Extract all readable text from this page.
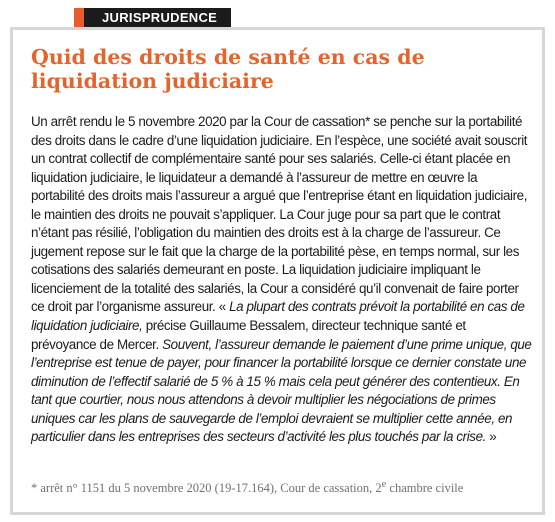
JURISPRUDENCE
Quid des droits de santé en cas de liquidation judiciaire

Un arrêt rendu le 5 novembre 2020 par la Cour de cassation* se penche sur la portabilité des droits dans le cadre d’une liquidation judiciaire. En l’espèce, une société avait souscrit un contrat collectif de complémentaire santé pour ses salariés. Celle-ci étant placée en liquidation judiciaire, le liquidateur a demandé à l’assureur de mettre en œuvre la portabilité des droits mais l’assureur a argué que l’entreprise étant en liquidation judiciaire, le maintien des droits ne pouvait s’appliquer. La Cour juge pour sa part que le contrat n’étant pas résilié, l’obligation du maintien des droits est à la charge de l’assureur. Ce jugement repose sur le fait que la charge de la portabilité pèse, en temps normal, sur les cotisations des salariés demeurant en poste. La liquidation judiciaire impliquant le licenciement de la totalité des salariés, la Cour a considéré qu’il convenait de faire porter ce droit par l’organisme assureur. « La plupart des contrats prévoit la portabilité en cas de liquidation judiciaire, précise Guillaume Bessalem, directeur technique santé et prévoyance de Mercer. Souvent, l’assureur demande le paiement d’une prime unique, que l’entreprise est tenue de payer, pour financer la portabilité lorsque ce dernier constate une diminution de l’effectif salarié de 5 % à 15 % mais cela peut générer des contentieux. En tant que courtier, nous nous attendons à devoir multiplier les négociations de primes uniques car les plans de sauvegarde de l’emploi devraient se multiplier cette année, en particulier dans les entreprises des secteurs d’activité les plus touchés par la crise. »

* arrêt n° 1151 du 5 novembre 2020 (19-17.164), Cour de cassation, 2e chambre civile
